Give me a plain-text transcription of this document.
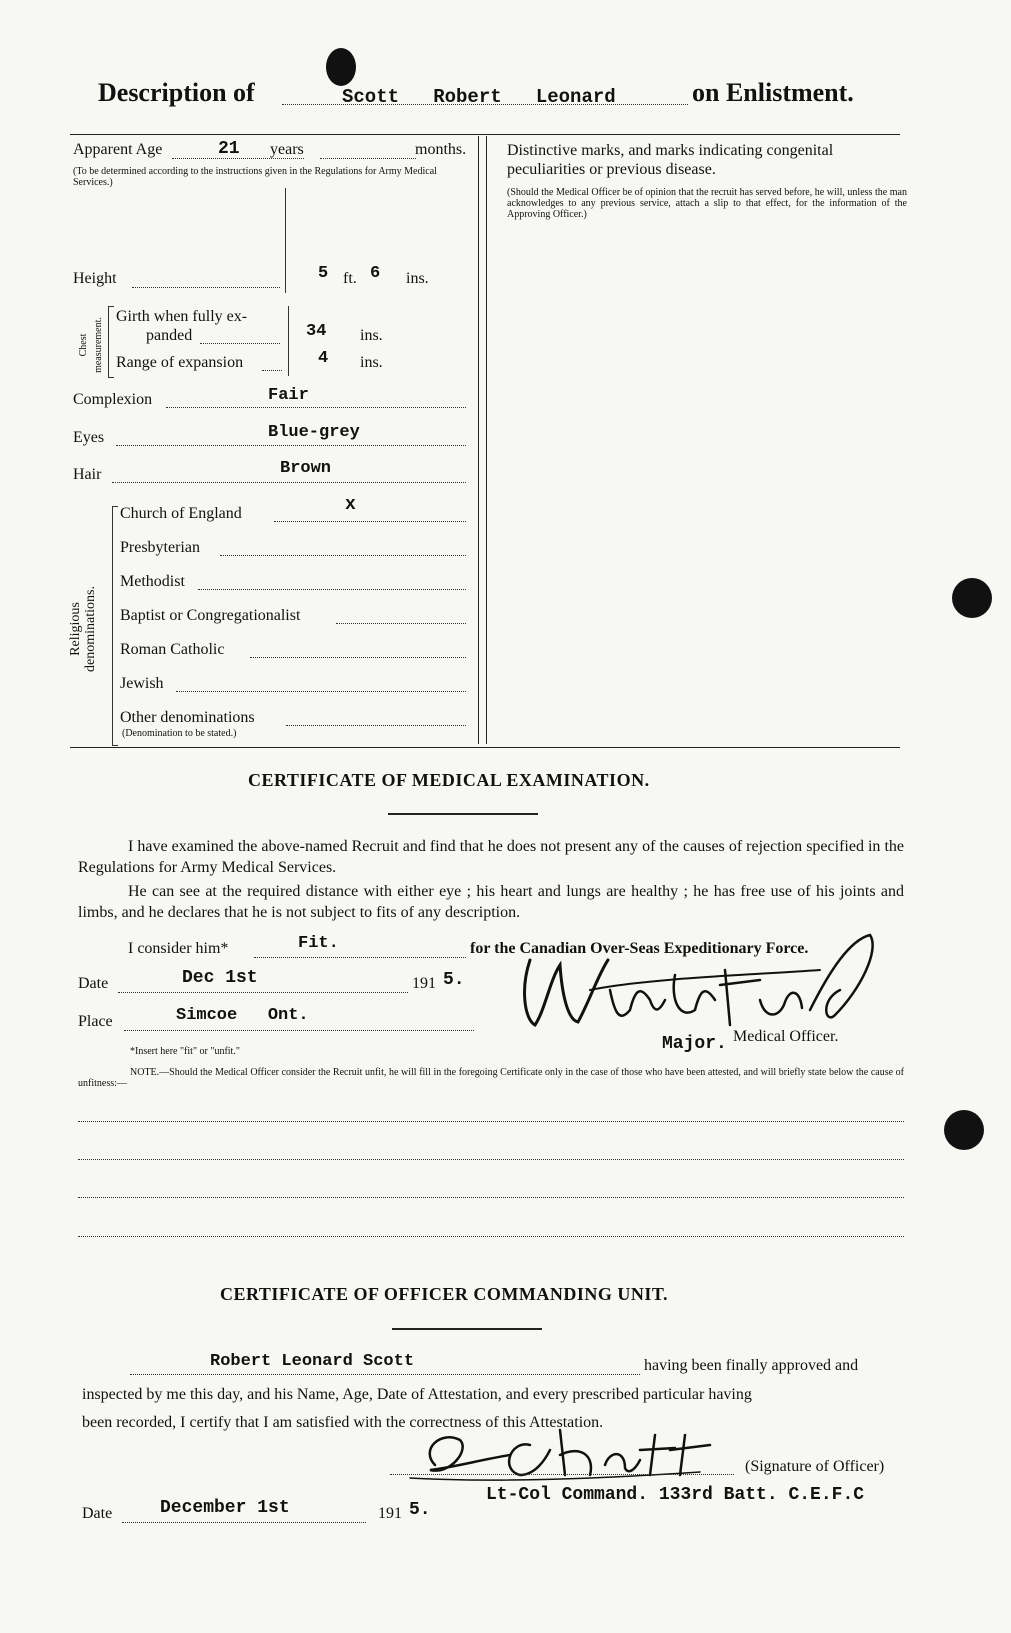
Description of	Scott   Robert   Leonard	on Enlistment.
Apparent Age	21 years	months.
(To be determined according to the instructions given in the Regulations for Army Medical Services.)
Height	5 ft. 6 ins.
Chest measurement.
Girth when fully ex-
panded	34 ins.
Range of expansion	4 ins.
Complexion	Fair
Eyes	Blue-grey
Hair	Brown
Religious denominations.
Church of England	x
Presbyterian
Methodist
Baptist or Congregationalist
Roman Catholic
Jewish
Other denominations
(Denomination to be stated.)
Distinctive marks, and marks indicating congenital peculiarities or previous disease.
(Should the Medical Officer be of opinion that the recruit has served before, he will, unless the man acknowledges to any previous service, attach a slip to that effect, for the information of the Approving Officer.)
CERTIFICATE OF MEDICAL EXAMINATION.
I have examined the above-named Recruit and find that he does not present any of the causes of rejection specified in the Regulations for Army Medical Services.
He can see at the required distance with either eye ; his heart and lungs are healthy ; he has free use of his joints and limbs, and he declares that he is not subject to fits of any description.
I consider him*	Fit.	for the Canadian Over-Seas Expeditionary Force.
Date	Dec 1st	191 5.
Place	Simcoe   Ont.
Major. Medical Officer.
*Insert here "fit" or "unfit."
NOTE.—Should the Medical Officer consider the Recruit unfit, he will fill in the foregoing Certificate only in the case of those who have been attested, and will briefly state below the cause of unfitness:—
CERTIFICATE OF OFFICER COMMANDING UNIT.
Robert Leonard Scott	having been finally approved and
inspected by me this day, and his Name, Age, Date of Attestation, and every prescribed particular having
been recorded, I certify that I am satisfied with the correctness of this Attestation.
(Signature of Officer)
Lt-Col Command. 133rd Batt. C.E.F.C
Date	December 1st	191 5.
